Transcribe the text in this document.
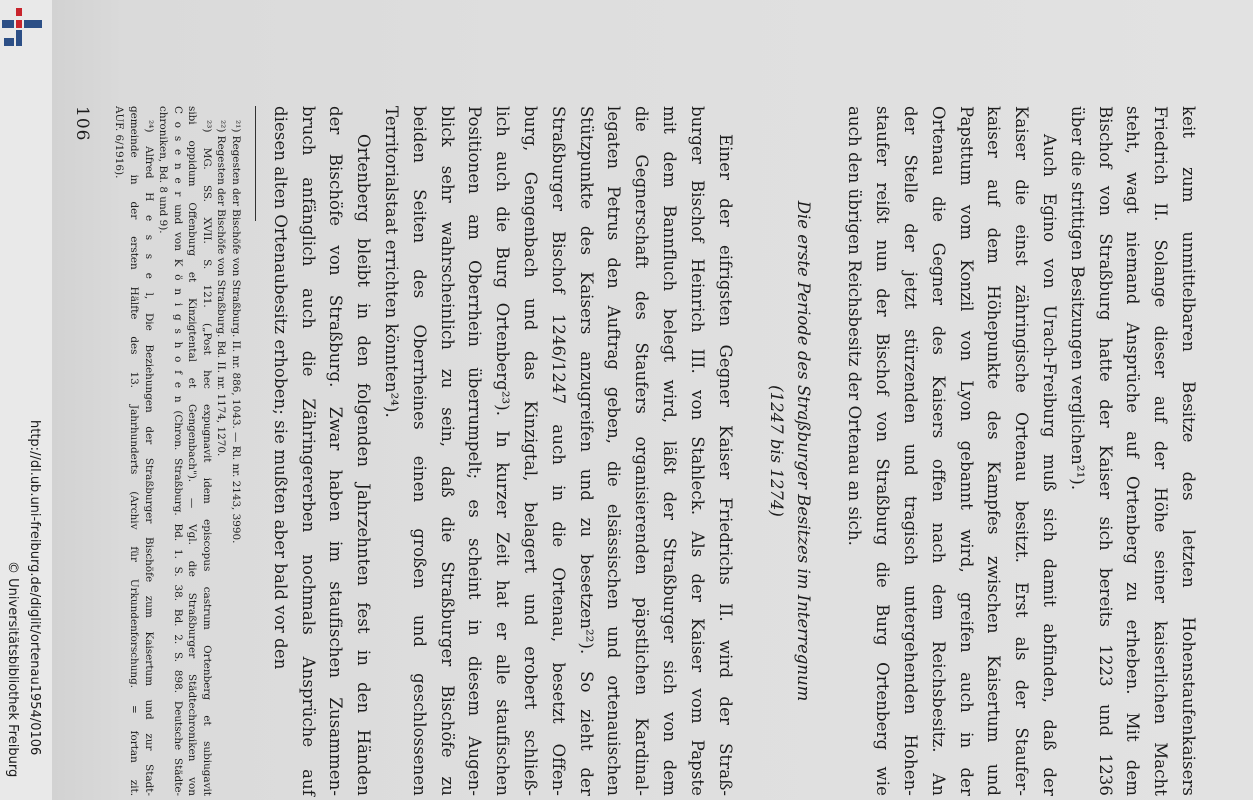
http://dl.ub.uni-freiburg.de/diglit/ortenau1954/0106
© Universitätsbibliothek Freiburg	keit zum unmittelbaren Besitze des letzten Hohenstaufenkaisers
Friedrich II. Solange dieser auf der Höhe seiner kaiserlichen Macht
steht, wagt niemand Ansprüche auf Ortenberg zu erheben. Mit dem
Bischof von Straßburg hatte der Kaiser sich bereits 1223 und 1236
über die strittigen Besitzungen verglichen²¹).
Auch Egino von Urach-Freiburg muß sich damit abfinden, daß der
Kaiser die einst zähringische Ortenau besitzt. Erst als der Staufer-
kaiser auf dem Höhepunkte des Kampfes zwischen Kaisertum und
Papsttum vom Konzil von Lyon gebannt wird, greifen auch in der
Ortenau die Gegner des Kaisers offen nach dem Reichsbesitz. An
der Stelle der jetzt stürzenden und tragisch untergehenden Hohen-
staufer reißt nun der Bischof von Straßburg die Burg Ortenberg wie
auch den übrigen Reichsbesitz der Ortenau an sich.
Die erste Periode des Straßburger Besitzes im Interregnum
(1247 bis 1274)
Einer der eifrigsten Gegner Kaiser Friedrichs II. wird der Straß-
burger Bischof Heinrich III. von Stahleck. Als der Kaiser vom Papste
mit dem Bannfluch belegt wird, läßt der Straßburger sich von dem
die Gegnerschaft des Staufers organisierenden päpstlichen Kardinal-
legaten Petrus den Auftrag geben, die elsässischen und ortenauischen
Stützpunkte des Kaisers anzugreifen und zu besetzen²²). So zieht der
Straßburger Bischof 1246/1247 auch in die Ortenau, besetzt Offen-
burg, Gengenbach und das Kinzigtal, belagert und erobert schließ-
lich auch die Burg Ortenberg²³). In kurzer Zeit hat er alle staufischen
Positionen am Oberrhein überrumpelt; es scheint in diesem Augen-
blick sehr wahrscheinlich zu sein, daß die Straßburger Bischöfe zu
beiden Seiten des Oberrheines einen großen und geschlossenen
Territorialstaat errichten könnten²⁴).
Ortenberg bleibt in den folgenden Jahrzehnten fest in den Händen
der Bischöfe von Straßburg. Zwar haben im staufischen Zusammen-
bruch anfänglich auch die Zähringererben nochmals Ansprüche auf
diesen alten Ortenaubesitz erhoben; sie mußten aber bald vor den
²¹) Regesten der Bischöfe von Straßburg. II. nr. 886, 1043. — Rl. nr. 2143, 3990.
²²) Regesten der Bischöfe von Straßburg. Bd. II. nr. 1174, 1270.
²³) MG. SS. XVII. S. 121. („Post hec expugnavit idem episcopus castrum Ortenberg et subiugavit
sibi oppidum Offenburg et Kinzigtental et Gengenbach"). — Vgl. die Straßburger Städtechroniken von
C o s e n e r und von K ö n i g s h o f e n (Chron. Straßburg. Bd. 1. S. 38. Bd. 2. S. 898. Deutsche Städte-
chroniken, Bd. 8 und 9).
²⁴) Alfred H e s s e l, Die Beziehungen der Straßburger Bischöfe zum Kaisertum und zur Stadt-
gemeinde in der ersten Hälfte des 13. Jahrhunderts (Archiv für Urkundenforschung. = fortan zit.
AUF. 6/1916).
106
